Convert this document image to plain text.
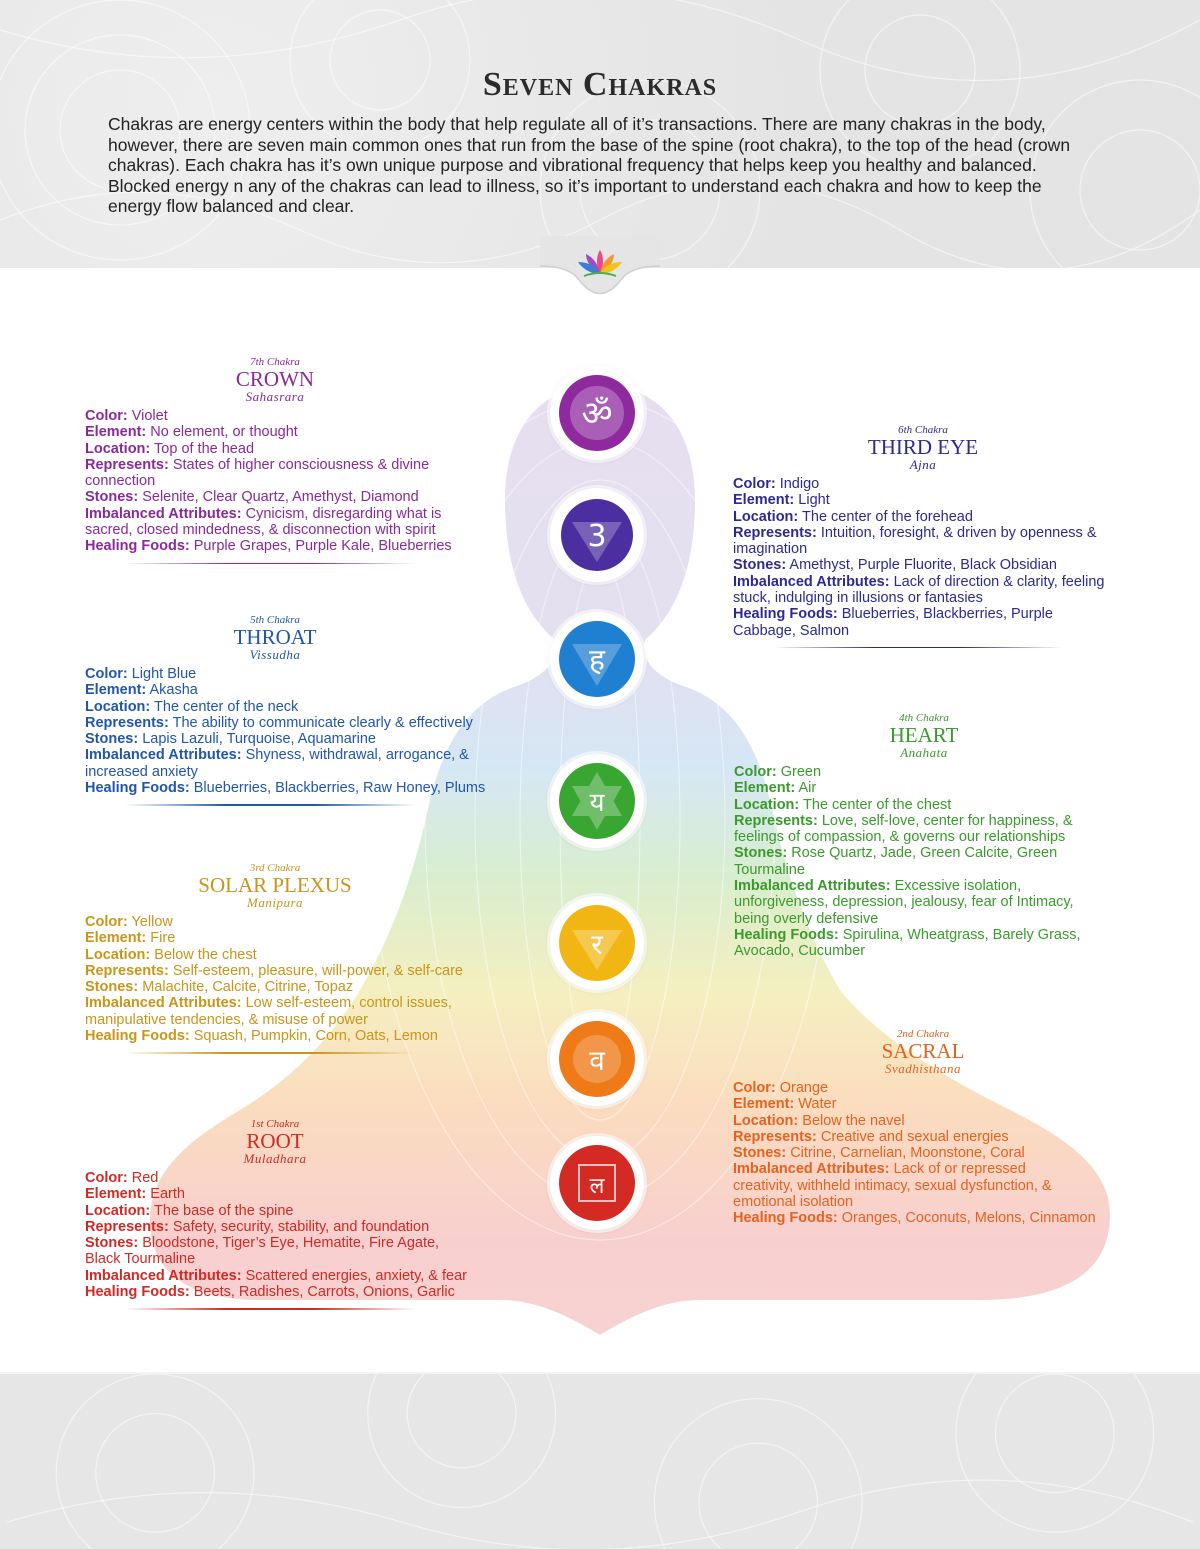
Seven Chakras

Chakras are energy centers within the body that help regulate all of it’s transactions. There are many chakras in the body, however, there are seven main common ones that run from the base of the spine (root chakra), to the top of the head (crown chakras). Each chakra has it’s own unique purpose and vibrational frequency that helps keep you healthy and balanced. Blocked energy n any of the chakras can lead to illness, so it’s important to understand each chakra and how to keep the energy flow balanced and clear.

ॐ
3
ह
य
र
व
ल
7th Chakra
CROWN
Sahasrara
Color: Violet
Element: No element, or thought
Location: Top of the head
Represents: States of higher consciousness & divine connection
Stones: Selenite, Clear Quartz, Amethyst, Diamond
Imbalanced Attributes: Cynicism, disregarding what is sacred, closed mindedness, & disconnection with spirit
Healing Foods: Purple Grapes, Purple Kale, Blueberries
6th Chakra
THIRD EYE
Ajna
Color: Indigo
Element: Light
Location: The center of the forehead
Represents: Intuition, foresight, & driven by openness & imagination
Stones: Amethyst, Purple Fluorite, Black Obsidian
Imbalanced Attributes: Lack of direction & clarity, feeling stuck, indulging in illusions or fantasies
Healing Foods: Blueberries, Blackberries, Purple Cabbage, Salmon
5th Chakra
THROAT
Vissudha
Color: Light Blue
Element: Akasha
Location: The center of the neck
Represents: The ability to communicate clearly & effectively
Stones: Lapis Lazuli, Turquoise, Aquamarine
Imbalanced Attributes: Shyness, withdrawal, arrogance, & increased anxiety
Healing Foods: Blueberries, Blackberries, Raw Honey, Plums
4th Chakra
HEART
Anahata
Color: Green
Element: Air
Location: The center of the chest
Represents: Love, self-love, center for happiness, & feelings of compassion, & governs our relationships
Stones: Rose Quartz, Jade, Green Calcite, Green Tourmaline
Imbalanced Attributes: Excessive isolation, unforgiveness, depression, jealousy, fear of Intimacy, being overly defensive
Healing Foods: Spirulina, Wheatgrass, Barely Grass, Avocado, Cucumber
3rd Chakra
SOLAR PLEXUS
Manipura
Color: Yellow
Element: Fire
Location: Below the chest
Represents: Self-esteem, pleasure, will-power, & self-care
Stones: Malachite, Calcite, Citrine, Topaz
Imbalanced Attributes: Low self-esteem, control issues, manipulative tendencies, & misuse of power
Healing Foods: Squash, Pumpkin, Corn, Oats, Lemon	2nd Chakra
SACRAL
Svadhisthana
Color: Orange
Element: Water
Location: Below the navel
Represents: Creative and sexual energies
Stones: Citrine, Carnelian, Moonstone, Coral
Imbalanced Attributes: Lack of or repressed creativity, withheld intimacy, sexual dysfunction, & emotional isolation
Healing Foods: Oranges, Coconuts, Melons, Cinnamon
1st Chakra
ROOT
Muladhara
Color: Red
Element: Earth
Location: The base of the spine
Represents: Safety, security, stability, and foundation
Stones: Bloodstone, Tiger’s Eye, Hematite, Fire Agate, Black Tourmaline
Imbalanced Attributes: Scattered energies, anxiety, & fear
Healing Foods: Beets, Radishes, Carrots, Onions, Garlic
